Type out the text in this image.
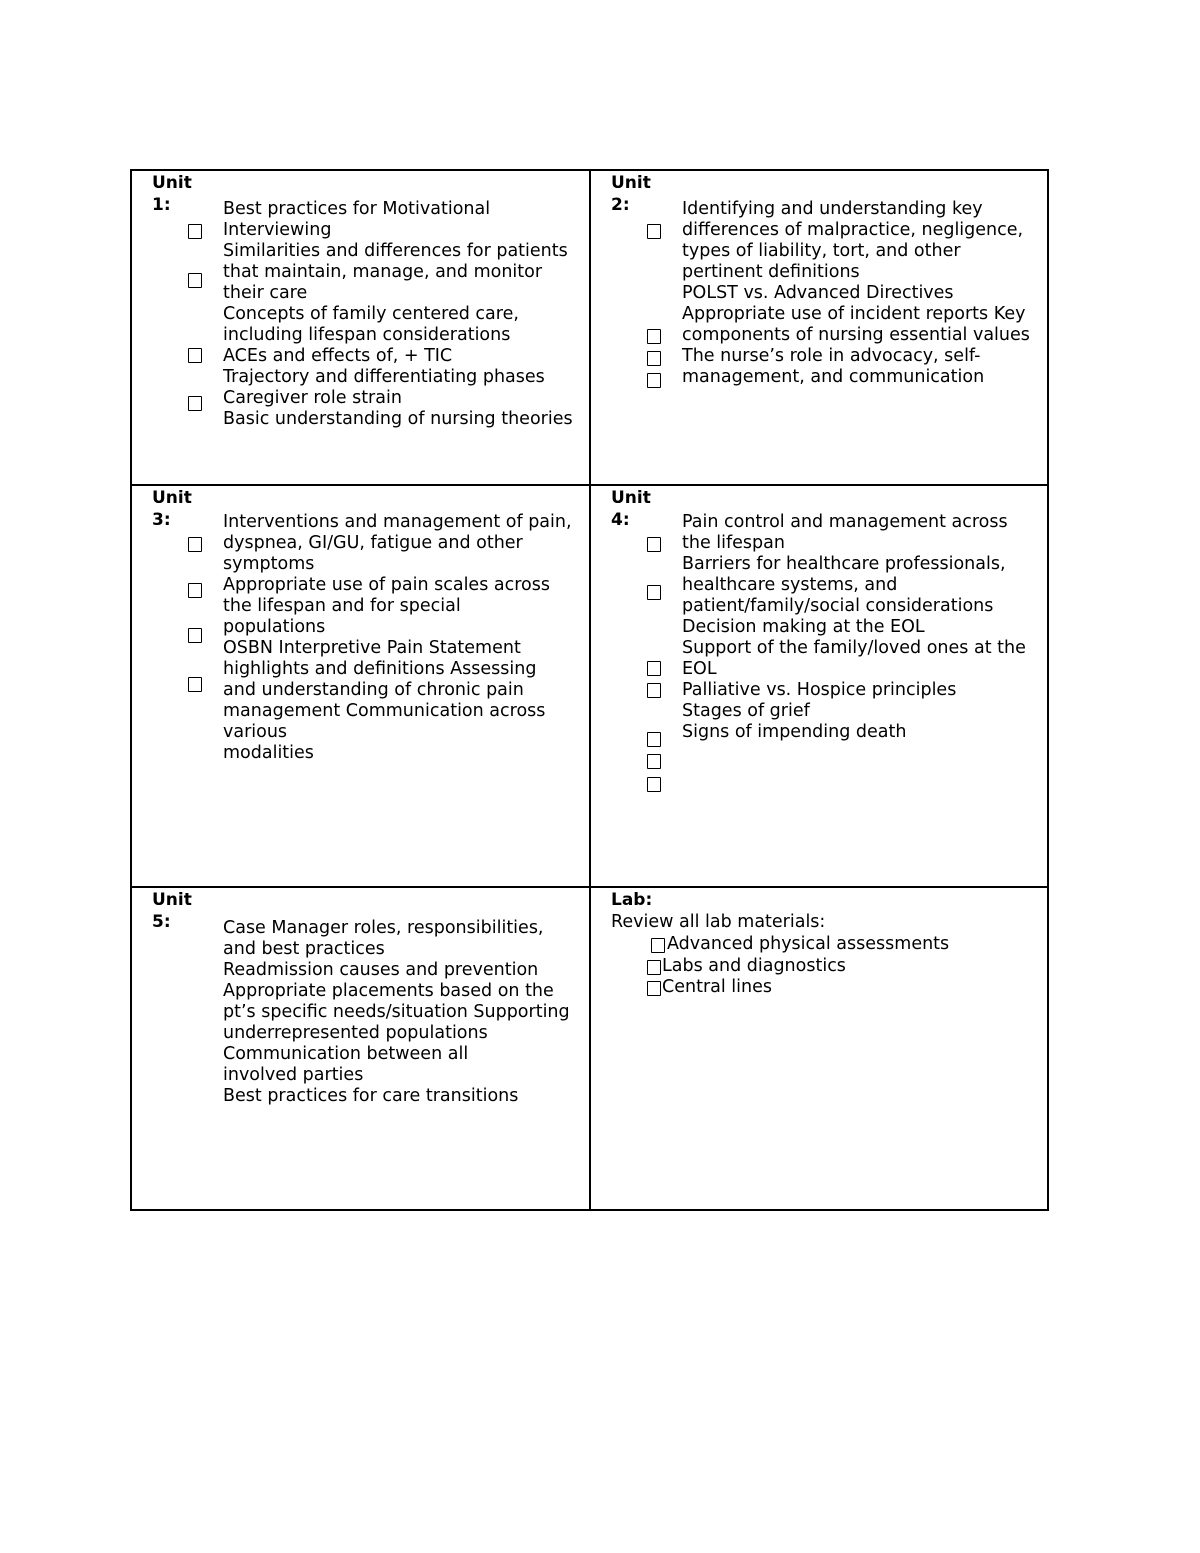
Unit
1:	Best practices for Motivational
Interviewing
Similarities and differences for patients
that maintain, manage, and monitor
their care
Concepts of family centered care,
including lifespan considerations
ACEs and effects of, + TIC
Trajectory and differentiating phases
Caregiver role strain
Basic understanding of nursing theories
Unit
2:	Identifying and understanding key
differences of malpractice, negligence,
types of liability, tort, and other
pertinent definitions
POLST vs. Advanced Directives
Appropriate use of incident reports Key
components of nursing essential values
The nurse’s role in advocacy, self-
management, and communication
Unit
3:	Interventions and management of pain,
dyspnea, GI/GU, fatigue and other
symptoms
Appropriate use of pain scales across
the lifespan and for special
populations
OSBN Interpretive Pain Statement
highlights and definitions Assessing
and understanding of chronic pain
management Communication across
various
modalities
Unit
4:	Pain control and management across
the lifespan
Barriers for healthcare professionals,
healthcare systems, and
patient/family/social considerations
Decision making at the EOL
Support of the family/loved ones at the
EOL
Palliative vs. Hospice principles
Stages of grief
Signs of impending death
Unit
5:	Case Manager roles, responsibilities,
and best practices
Readmission causes and prevention
Appropriate placements based on the
pt’s specific needs/situation Supporting
underrepresented populations
Communication between all
involved parties
Best practices for care transitions
Lab:
Review all lab materials:
Advanced physical assessments
Labs and diagnostics
Central lines
